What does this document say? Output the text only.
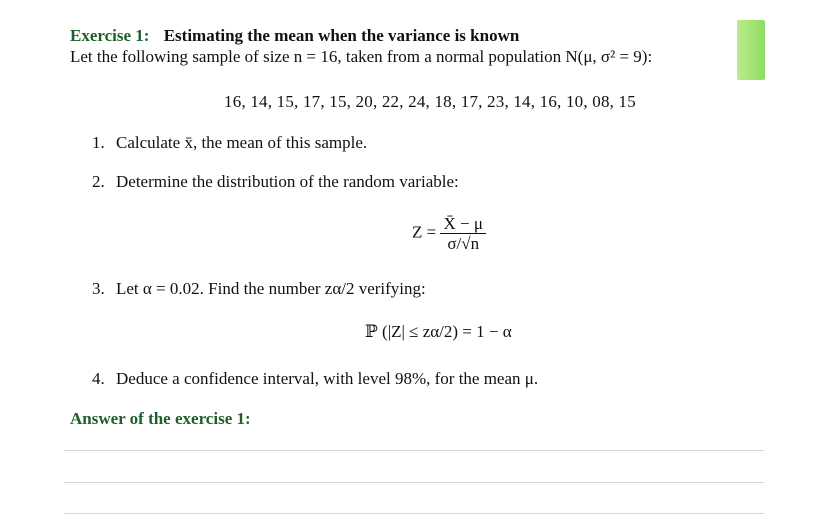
Exercise 1: Estimating the mean when the variance is known
Let the following sample of size n = 16, taken from a normal population N(μ, σ² = 9):
16, 14, 15, 17, 15, 20, 22, 24, 18, 17, 23, 14, 16, 10, 08, 15
1. Calculate x̄, the mean of this sample.
2. Determine the distribution of the random variable:
$Z = \frac{X̄ - \mu}{\sigma/√n}$
3. Let α = 0.02. Find the number zα/2 verifying:
ℙ (|Z| ≤ zα/2) = 1 − α
4. Deduce a confidence interval, with level 98%, for the mean μ.
Answer of the exercise 1:
